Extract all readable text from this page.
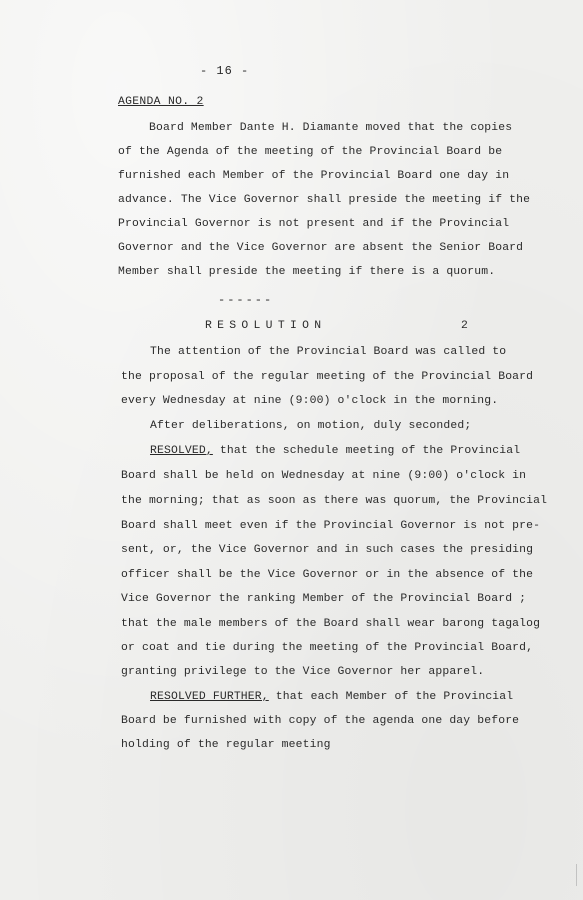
- 16 -
AGENDA NO. 2
Board Member Dante H. Diamante moved that the copies
of the Agenda of the meeting of the Provincial Board be
furnished each Member of the Provincial Board one day in
advance. The Vice Governor shall preside the meeting if the
Provincial Governor is not present and if the Provincial
Governor and the Vice Governor are absent the Senior Board
Member shall preside the meeting if there is a quorum.
------
RESOLUTION	2
The attention of the Provincial Board was called to
the proposal of the regular meeting of the Provincial Board
every Wednesday at nine (9:00) o'clock in the morning.
After deliberations, on motion, duly seconded;
RESOLVED, that the schedule meeting of the Provincial
Board shall be held on Wednesday at nine (9:00) o'clock in
the morning; that as soon as there was quorum, the Provincial
Board shall meet even if the Provincial Governor is not pre-
sent, or, the Vice Governor and in such cases the presiding
officer shall be the Vice Governor or in the absence of the
Vice Governor the ranking Member of the Provincial Board ;
that the male members of the Board shall wear barong tagalog
or coat and tie during the meeting of the Provincial Board,
granting privilege to the Vice Governor her apparel.
RESOLVED FURTHER, that each Member of the Provincial
Board be furnished with copy of the agenda one day before
holding of the regular meeting
